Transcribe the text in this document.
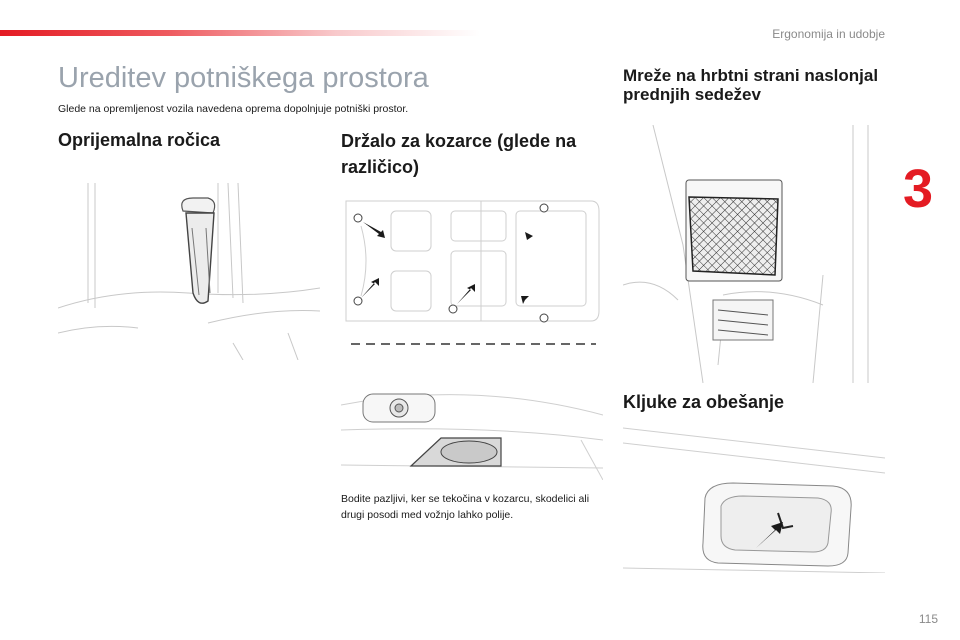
Ergonomija in udobje
3
Ureditev potniškega prostora

Glede na opremljenost vozila navedena oprema dopolnjuje potniški prostor.

Oprijemalna ročica	Držalo za kozarce (glede na različico)
Mreže na hrbtni strani naslonjal prednjih sedežev
Kljuke za obešanje

Bodite pazljivi, ker se tekočina v kozarcu, skodelici ali drugi posodi med vožnjo lahko polije.

115
